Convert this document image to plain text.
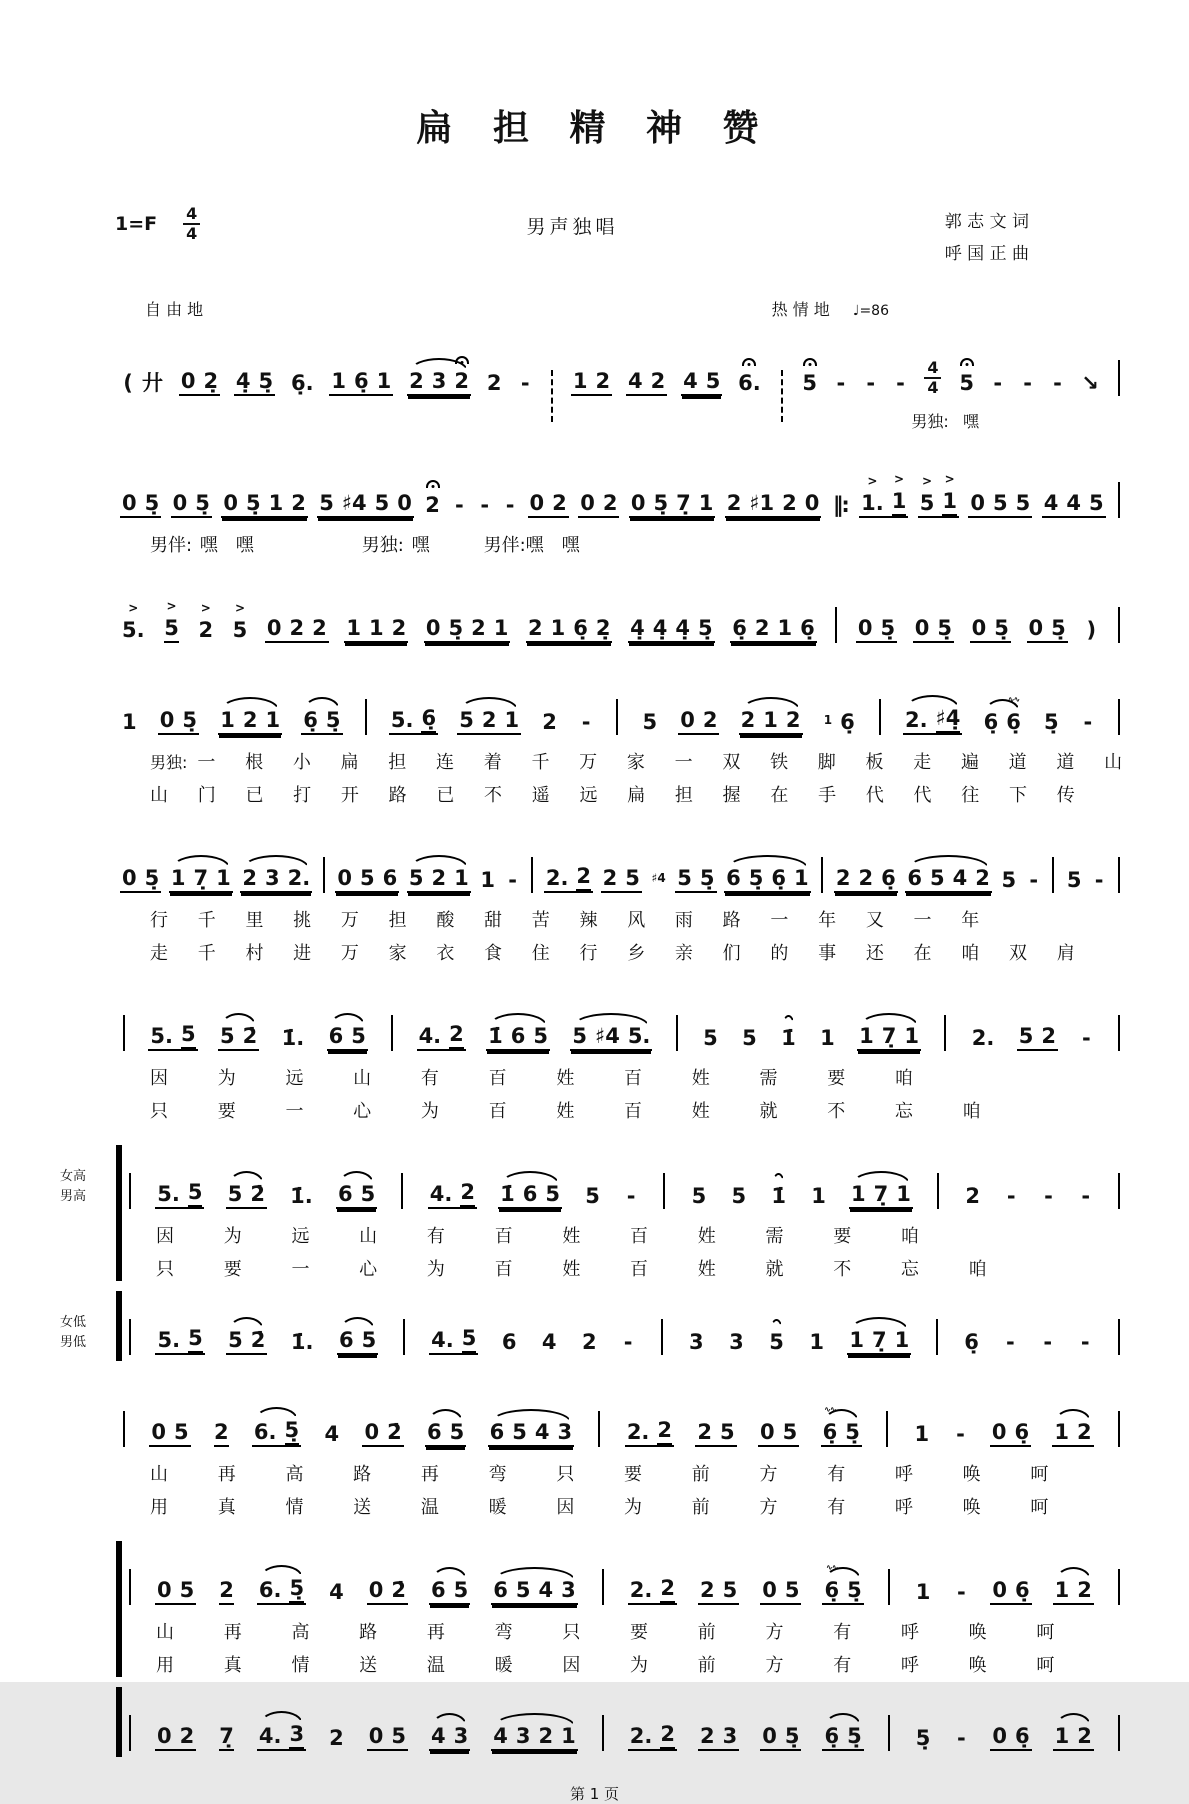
扁 担 精 神 赞
$1=F \frac{4}{4}$	男声独唱	郭 志 文 词
呼 国 正 曲
自 由 地	热 情 地 ♩=86
( 廾 0 2̣ 4̣ 5̣ 6̣. 1 6̣ 1 2 3 2 2 - 1 2 4 2 4 5 6. 5 - - - $\frac{4}{4} 5$ - - - ↘
男独:  嘿
0 5̣ 0 5̣ 0 5̣ 1 2 5 ♯4 5 0 2 - - - 0 2 0 2 0 5̣ 7̣ 1 2 ♯1 2 0 ‖: > 1. > 1 > 5 > 1 0 5 5 4 4 5
男伴: 嘿　嘿　　　　　　男独: 嘿　　　男伴:嘿　嘿
> 5. > 5 > 2 > 5 0 2 2 1 1 2 0 5̣ 2 1 2 1 6̣ 2̣ 4̣ 4̣ 4̣ 5̣ 6̣ 2 1 6̣ 0 5̣ 0 5̣ 0 5̣ 0 5̣ )
1 0 5̣ 1 2 1 6̣ 5̣ 5. 6̣ 5 2 1 2 - 5 0 2 2 1 2 1 6̣ 2. ♯4̣ 6̣ ∿∿ 6̣ 5̣ -
男独: 一 根 小 扁 担 连 着 千 万 家 一 双 铁 脚 板 走 遍 道 道 山
山 门 已 打 开 路 已 不 遥 远 扁 担 握 在 手 代 代 往 下 传
0 5̣ 1 7̣ 1 2 3 2. 0 5 6 5 2 1 1 - 2. 2 2 5 ♯4 5 5̣ 6 5̣ 6̣ 1 2 2 6̣ 6 5 4 2 5 - 5 -
行 千 里 挑 万 担 酸 甜 苦 辣 风 雨 路 一 年 又 一 年
走 千 村 进 万 家 衣 食 住 行 乡 亲 们 的 事 还 在 咱 双 肩
5. 5 5 2̇ 1̇. 6 5	4. 2 1̇ 6 5 5 ♯4 5.	5 5 1̇ 1 1 7̣ 1	2. 5 2 -
因 为 远 山 有 百 姓 百 姓 需 要 咱
只 要 一 心 为 百 姓 百 姓 就 不 忘 咱
女高
男高	5. 5 5 2̇ 1̇. 6 5	4. 2 1̇ 6 5 5 -	5 5 1̇ 1 1 7̣ 1	2 - - -
因 为 远 山 有 百 姓 百 姓 需 要 咱
只 要 一 心 为 百 姓 百 姓 就 不 忘 咱
女低
男低	5. 5 5 2̇ 1̇. 6 5	4. 5 6 4 2 -	3 3 5 1 1 7̣ 1	6̣ - - -
0 5 2 6. 5̣ 4 0 2̇ 6 5 6 5 4 3	2. 2 2 5 0 5 ∿∿ 6̣ 5̣	1 - 0 6̣ 1 2
山 再 高 路 再 弯 只 要 前 方 有 呼 唤 呵
用 真 情 送 温 暖 因 为 前 方 有 呼 唤 呵
0 5 2 6. 5̣ 4 0 2̇ 6 5 6 5 4 3	2. 2 2 5 0 5 ∿∿ 6̣ 5̣	1 - 0 6̣ 1 2
山 再 高 路 再 弯 只 要 前 方 有 呼 唤 呵
用 真 情 送 温 暖 因 为 前 方 有 呼 唤 呵
0 2 7̣ 4. 3 2 0 5 4 3 4 3 2 1	2. 2 2 3 0 5̣ 6̣ 5̣	5̣ - 0 6̣ 1 2
第 1 页
